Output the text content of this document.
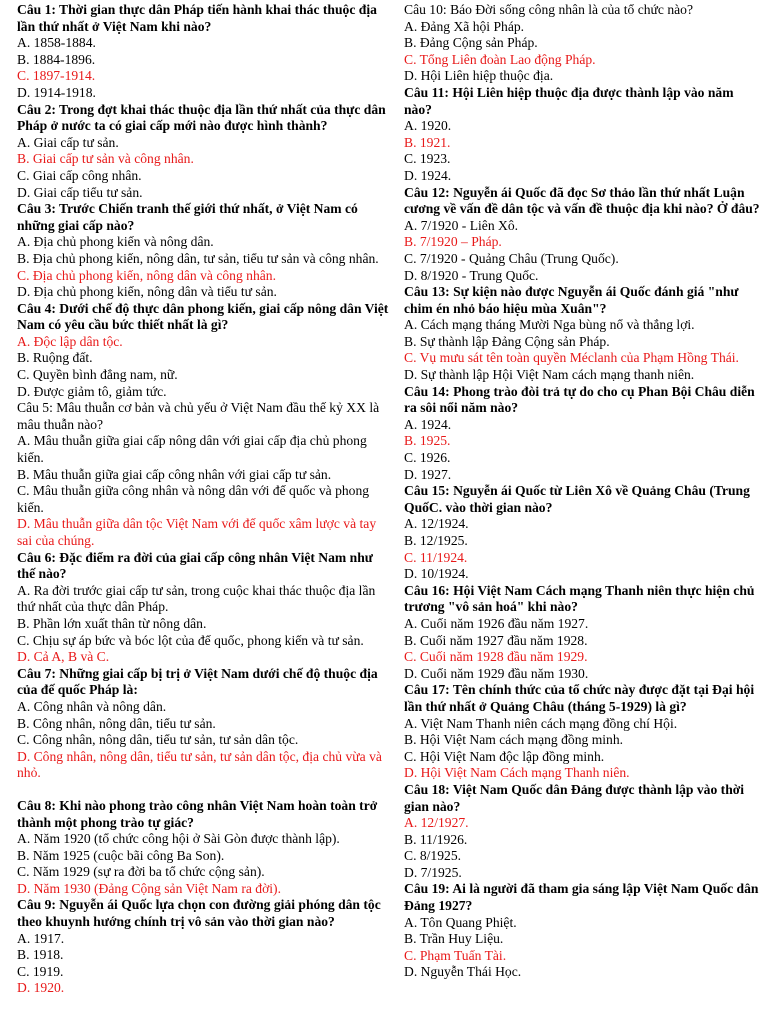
Câu 1: Thời gian thực dân Pháp tiến hành khai thác thuộc địa lần thứ nhất ở Việt Nam khi nào?
A. 1858-1884.
B. 1884-1896.
C. 1897-1914.
D. 1914-1918.
Câu 2: Trong đợt khai thác thuộc địa lần thứ nhất của thực dân Pháp ở nước ta có giai cấp mới nào được hình thành?
A. Giai cấp tư sản.
B. Giai cấp tư sản và công nhân.
C. Giai cấp công nhân.
D. Giai cấp tiểu tư sản.
Câu 3: Trước Chiến tranh thế giới thứ nhất, ở Việt Nam có những giai cấp nào?
A. Địa chủ phong kiến và nông dân.
B. Địa chủ phong kiến, nông dân, tư sản, tiểu tư sản và công nhân.
C. Địa chủ phong kiến, nông dân và công nhân.
D. Địa chủ phong kiến, nông dân và tiểu tư sản.
Câu 4: Dưới chế độ thực dân phong kiến, giai cấp nông dân Việt Nam có yêu cầu bức thiết nhất là gì?
A. Độc lập dân tộc.
B. Ruộng đất.
C. Quyền bình đẳng nam, nữ.
D. Được giảm tô, giảm tức.
Câu 5: Mâu thuẫn cơ bản và chủ yếu ở Việt Nam đầu thế kỷ XX là mâu thuẫn nào?
A. Mâu thuẫn giữa giai cấp nông dân với giai cấp địa chủ phong kiến.
B. Mâu thuẫn giữa giai cấp công nhân với giai cấp tư sản.
C. Mâu thuẫn giữa công nhân và nông dân với đế quốc và phong kiến.
D. Mâu thuẫn giữa dân tộc Việt Nam với đế quốc xâm lược và tay sai của chúng.
Câu 6: Đặc điểm ra đời của giai cấp công nhân Việt Nam như thế nào?
A. Ra đời trước giai cấp tư sản, trong cuộc khai thác thuộc địa lần thứ nhất của thực dân Pháp.
B. Phần lớn xuất thân từ nông dân.
C. Chịu sự áp bức và bóc lột của đế quốc, phong kiến và tư sản.
D. Cả A, B và C.
Câu 7: Những giai cấp bị trị ở Việt Nam dưới chế độ thuộc địa của đế quốc Pháp là:
A. Công nhân và nông dân.
B. Công nhân, nông dân, tiểu tư sản.
C. Công nhân, nông dân, tiểu tư sản, tư sản dân tộc.
D. Công nhân, nông dân, tiểu tư sản, tư sản dân tộc, địa chủ vừa và nhỏ.
Câu 8: Khi nào phong trào công nhân Việt Nam hoàn toàn trở thành một phong trào tự giác?
A. Năm 1920 (tổ chức công hội ở Sài Gòn được thành lập).
B. Năm 1925 (cuộc bãi công Ba Son).
C. Năm 1929 (sự ra đời ba tổ chức cộng sản).
D. Năm 1930 (Đảng Cộng sản Việt Nam ra đời).
Câu 9: Nguyễn ái Quốc lựa chọn con đường giải phóng dân tộc theo khuynh hướng chính trị vô sản vào thời gian nào?
A. 1917.
B. 1918.
C. 1919.
D. 1920.
Câu 10: Báo Đời sống công nhân là của tổ chức nào?
A. Đảng Xã hội Pháp.
B. Đảng Cộng sản Pháp.
C. Tổng Liên đoàn Lao động Pháp.
D. Hội Liên hiệp thuộc địa.
Câu 11: Hội Liên hiệp thuộc địa được thành lập vào năm nào?
A. 1920.
B. 1921.
C. 1923.
D. 1924.
Câu 12: Nguyễn ái Quốc đã đọc Sơ thảo lần thứ nhất Luận cương về vấn đề dân tộc và vấn đề thuộc địa khi nào? Ở đâu?
A. 7/1920 - Liên Xô.
B. 7/1920 – Pháp.
C. 7/1920 - Quảng Châu (Trung Quốc).
D. 8/1920 - Trung Quốc.
Câu 13: Sự kiện nào được Nguyễn ái Quốc đánh giá "như chim én nhỏ báo hiệu mùa Xuân"?
A. Cách mạng tháng Mười Nga bùng nổ và thắng lợi.
B. Sự thành lập Đảng Cộng sản Pháp.
C. Vụ mưu sát tên toàn quyền Méclanh của Phạm Hồng Thái.
D. Sự thành lập Hội Việt Nam cách mạng thanh niên.
Câu 14: Phong trào đòi trả tự do cho cụ Phan Bội Châu diễn ra sôi nổi năm nào?
A. 1924.
B. 1925.
C. 1926.
D. 1927.
Câu 15: Nguyễn ái Quốc từ Liên Xô về Quảng Châu (Trung QuốC. vào thời gian nào?
A. 12/1924.
B. 12/1925.
C. 11/1924.
D. 10/1924.
Câu 16: Hội Việt Nam Cách mạng Thanh niên thực hiện chủ trương "vô sản hoá" khi nào?
A. Cuối năm 1926 đầu năm 1927.
B. Cuối năm 1927 đầu năm 1928.
C. Cuối năm 1928 đầu năm 1929.
D. Cuối năm 1929 đầu năm 1930.
Câu 17: Tên chính thức của tổ chức này được đặt tại Đại hội lần thứ nhất ở Quảng Châu (tháng 5-1929) là gì?
A. Việt Nam Thanh niên cách mạng đồng chí Hội.
B. Hội Việt Nam cách mạng đồng minh.
C. Hội Việt Nam độc lập đồng minh.
D. Hội Việt Nam Cách mạng Thanh niên.
Câu 18: Việt Nam Quốc dân Đảng được thành lập vào thời gian nào?
A. 12/1927.
B. 11/1926.
C. 8/1925.
D. 7/1925.
Câu 19: Ai là người đã tham gia sáng lập Việt Nam Quốc dân Đảng 1927?
A. Tôn Quang Phiệt.
B. Trần Huy Liệu.
C. Phạm Tuấn Tài.
D. Nguyễn Thái Học.
